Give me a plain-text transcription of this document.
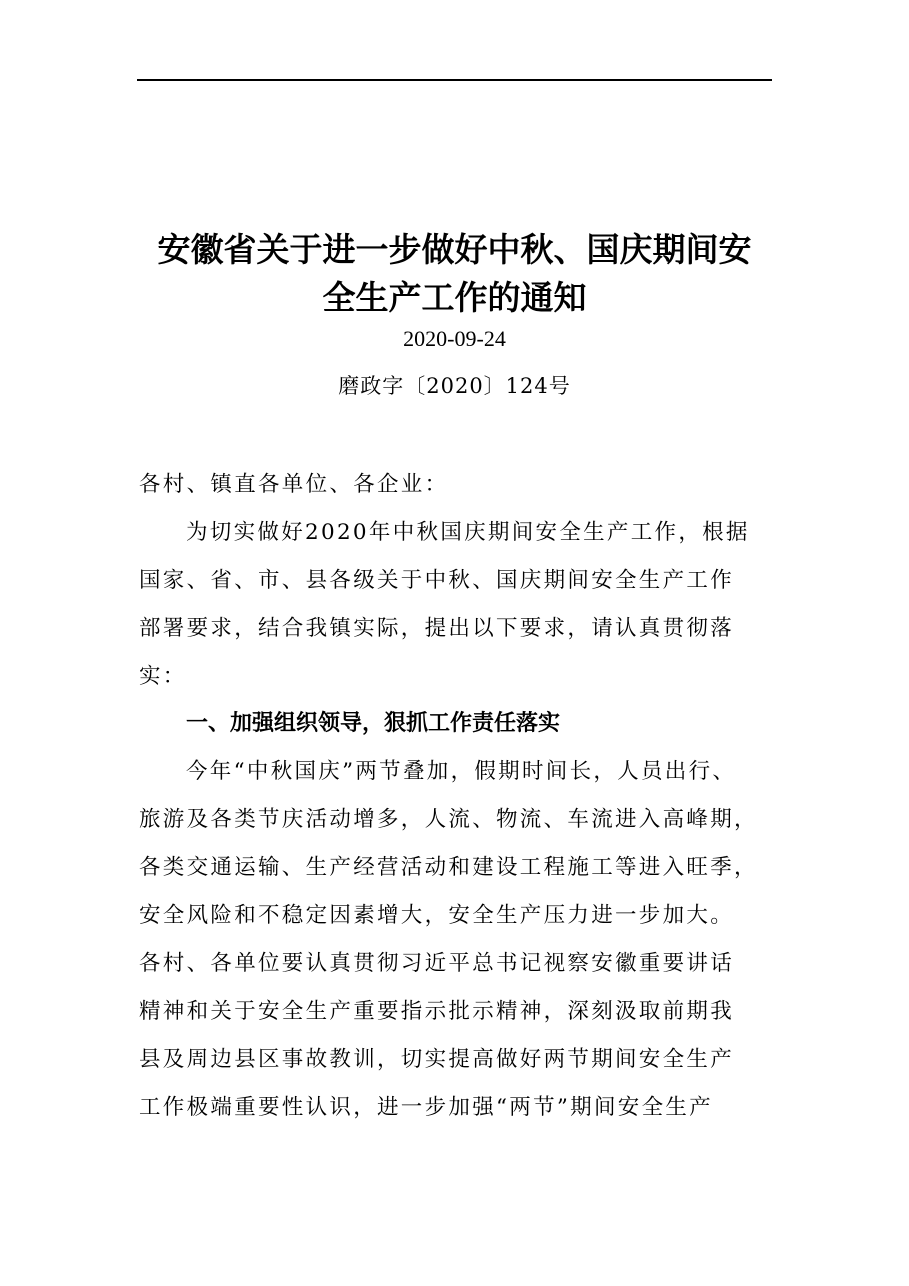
安徽省关于进一步做好中秋、国庆期间安
全生产工作的通知
2020-09-24
磨政字〔2020〕124号
各村、镇直各单位、各企业：
为切实做好2020年中秋国庆期间安全生产工作，根据
国家、省、市、县各级关于中秋、国庆期间安全生产工作
部署要求，结合我镇实际，提出以下要求，请认真贯彻落
实：
一、加强组织领导，狠抓工作责任落实
今年“中秋国庆”两节叠加，假期时间长，人员出行、
旅游及各类节庆活动增多，人流、物流、车流进入高峰期，
各类交通运输、生产经营活动和建设工程施工等进入旺季，
安全风险和不稳定因素增大，安全生产压力进一步加大。
各村、各单位要认真贯彻习近平总书记视察安徽重要讲话
精神和关于安全生产重要指示批示精神，深刻汲取前期我
县及周边县区事故教训，切实提高做好两节期间安全生产
工作极端重要性认识，进一步加强“两节”期间安全生产
